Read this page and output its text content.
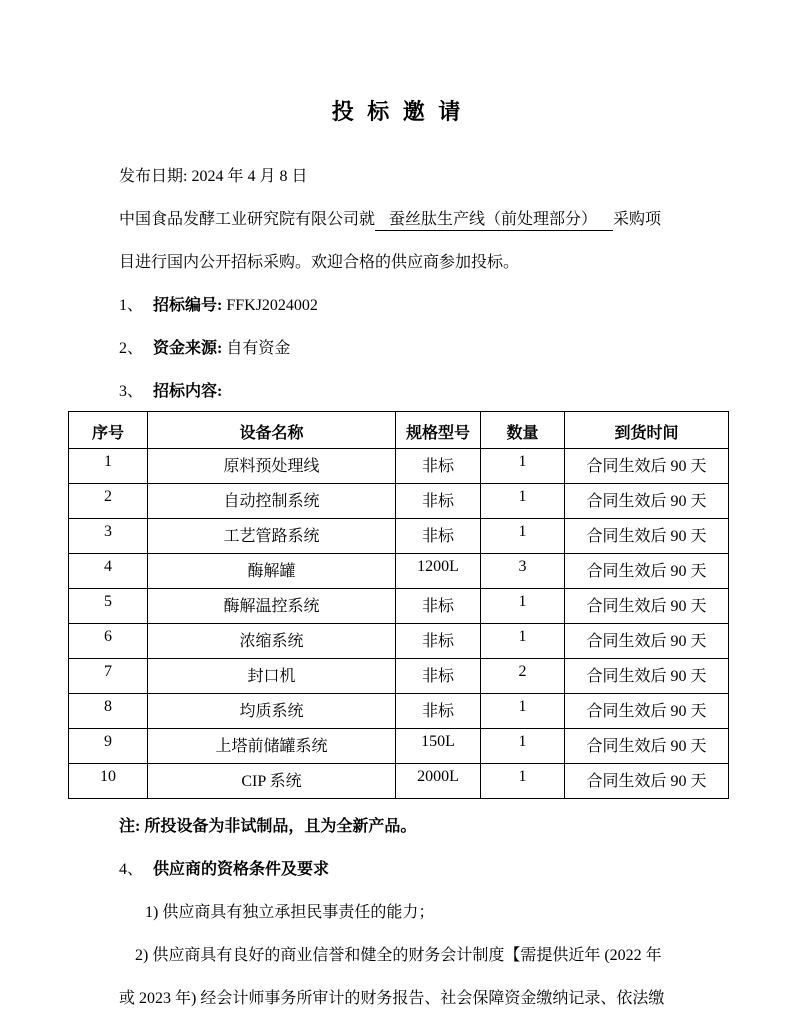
投 标 邀 请

发布日期: 2024 年 4 月 8 日

中国食品发酵工业研究院有限公司就 蚕丝肽生产线（前处理部分） 采购项

目进行国内公开招标采购。欢迎合格的供应商参加投标。

1、 招标编号: FFKJ2024002

2、 资金来源: 自有资金

3、 招标内容:

序号	设备名称	规格型号	数量	到货时间
1	原料预处理线	非标	1	合同生效后 90 天
2	自动控制系统	非标	1	合同生效后 90 天
3	工艺管路系统	非标	1	合同生效后 90 天
4	酶解罐	1200L	3	合同生效后 90 天
5	酶解温控系统	非标	1	合同生效后 90 天
6	浓缩系统	非标	1	合同生效后 90 天
7	封口机	非标	2	合同生效后 90 天
8	均质系统	非标	1	合同生效后 90 天
9	上塔前储罐系统	150L	1	合同生效后 90 天
10	CIP 系统	2000L	1	合同生效后 90 天

注: 所投设备为非试制品，且为全新产品。

4、 供应商的资格条件及要求

1) 供应商具有独立承担民事责任的能力；

2) 供应商具有良好的商业信誉和健全的财务会计制度【需提供近年 (2022 年

或 2023 年) 经会计师事务所审计的财务报告、社会保障资金缴纳记录、依法缴
